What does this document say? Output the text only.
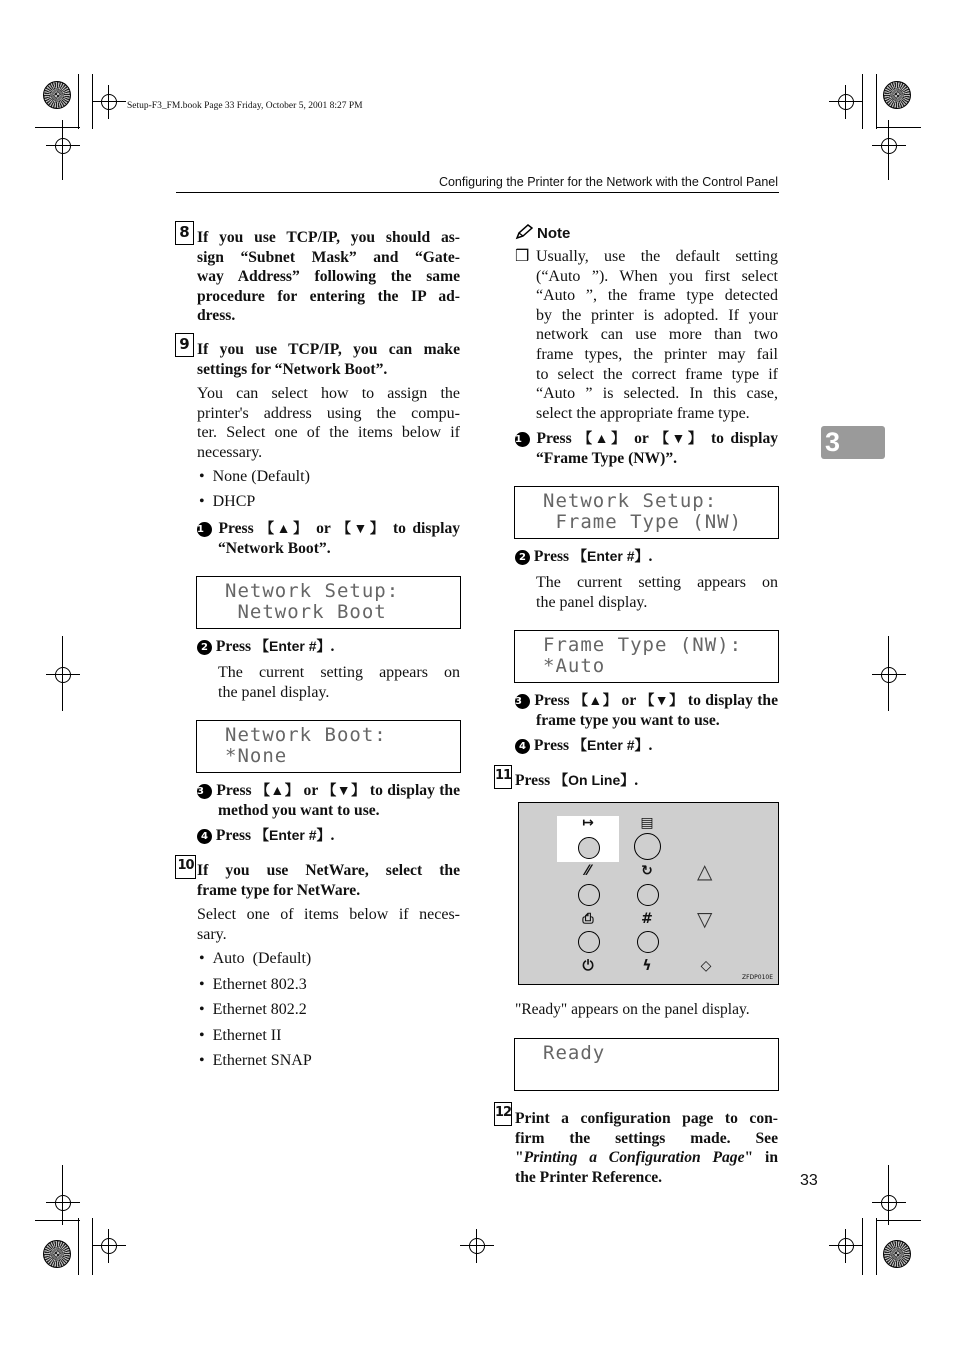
Setup-F3_FM.book Page 33 Friday, October 5, 2001 8:27 PM
Configuring the Printer for the Network with the Control Panel
3
8 If you use TCP/IP, you should as-
sign “Subnet Mask” and “Gate-
way Address” following the same
procedure for entering the IP ad-
dress.
9 If you use TCP/IP, you can make
settings for “Network Boot”.
You can select how to assign the
printer's address using the compu-
ter. Select one of the items below if
necessary.
•  None (Default)
•  DHCP
1 Press 【▲】 or 【▼】 to display
“Network Boot”.
Network Setup:
Network Boot
2 Press 【Enter #】.
The current setting appears on
the panel display.
Network Boot:
*None
3 Press 【▲】 or 【▼】 to display the
method you want to use.
4 Press 【Enter #】.
10 If you use NetWare, select the
frame type for NetWare.
Select one of items below if neces-
sary.
•  Auto  (Default)
•  Ethernet 802.3
•  Ethernet 802.2
•  Ethernet II
•  Ethernet SNAP
Note
❒ Usually, use the default setting
(“Auto ”). When you first select
“Auto ”, the frame type detected
by the printer is adopted. If your
network can use more than two
frame types, the printer may fail
to select the correct frame type if
“Auto ” is selected. In this case,
select the appropriate frame type.
1 Press 【▲】 or 【▼】 to display
“Frame Type (NW)”.
Network Setup:
Frame Type (NW)
2 Press 【Enter #】.
The current setting appears on
the panel display.
Frame Type (NW):
*Auto
3 Press 【▲】 or 【▼】 to display the
frame type you want to use.
4 Press 【Enter #】.
11 Press 【On Line】.
↦	▤
△
⁄⁄	↻
▽
⎙	#
⏻	ϟ	◇
ZFDP010E
"Ready" appears on the panel display.
Ready
12 Print a configuration page to con-
firm the settings made. See
"Printing a Configuration Page" in
the Printer Reference.	33
